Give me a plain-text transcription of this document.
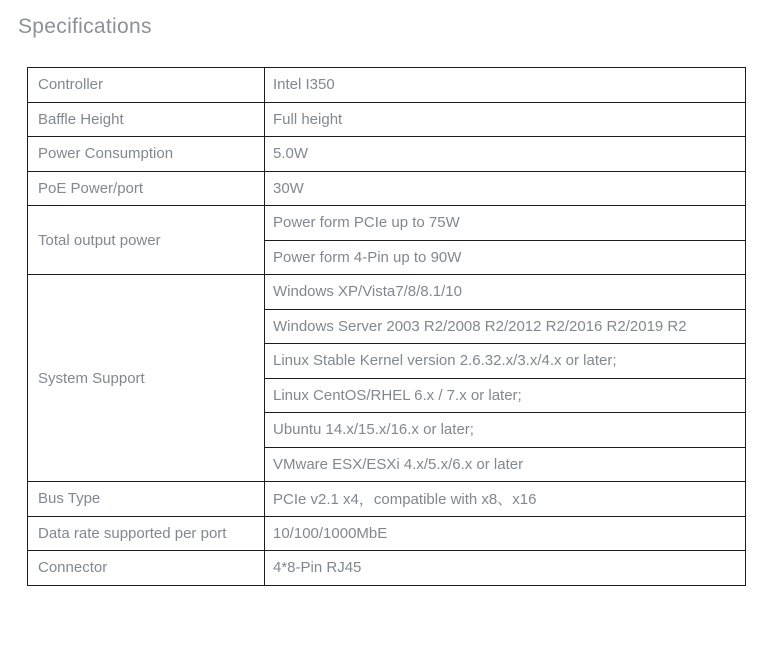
Specifications
Controller	Intel I350
Baffle Height	Full height
Power Consumption	5.0W
PoE Power/port	30W
Total output power	Power form PCIe up to 75W
	Power form 4-Pin up to 90W
System Support	Windows XP/Vista7/8/8.1/10
	Windows Server 2003 R2/2008 R2/2012 R2/2016 R2/2019 R2
	Linux Stable Kernel version 2.6.32.x/3.x/4.x or later;
	Linux CentOS/RHEL 6.x / 7.x or later;
	Ubuntu 14.x/15.x/16.x or later;
	VMware ESX/ESXi 4.x/5.x/6.x or later
Bus Type	PCIe v2.1 x4，compatible with x8、x16
Data rate supported per port	10/100/1000MbE
Connector	4*8-Pin RJ45
